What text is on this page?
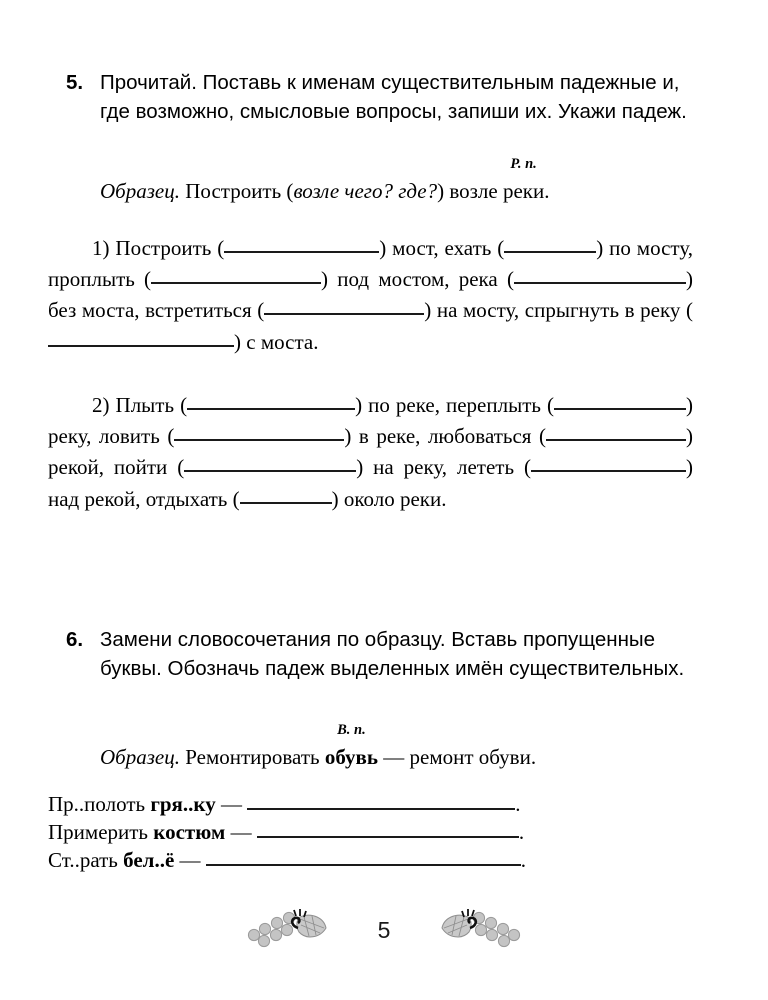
5. Прочитай. Поставь к именам существительным падежные и, где возможно, смысловые вопросы, запиши их. Укажи падеж.
Образец. Построить (возле чего? где?) возле
Р. п.
реки.
1) Построить (	) мост, ехать (	) по мосту, проплыть (	) под мостом, река (	) без моста, встретиться (	) на мосту, спрыгнуть в реку () с моста.
2) Плыть (	) по реке, переплыть (	) реку, ловить (	) в реке, любоваться (	) рекой, пойти (	) на реку, лететь (	) над рекой, отдыхать (	) около реки.
6. Замени словосочетания по образцу. Вставь пропущенные буквы. Обозначь падеж выделенных имён существительных.
Образец. Ремонтировать
В. п.
обувь — ремонт обуви.
Пр..полоть гря..ку —	.
Примерить костюм —	.
Ст..рать бел..ё —	.
5
